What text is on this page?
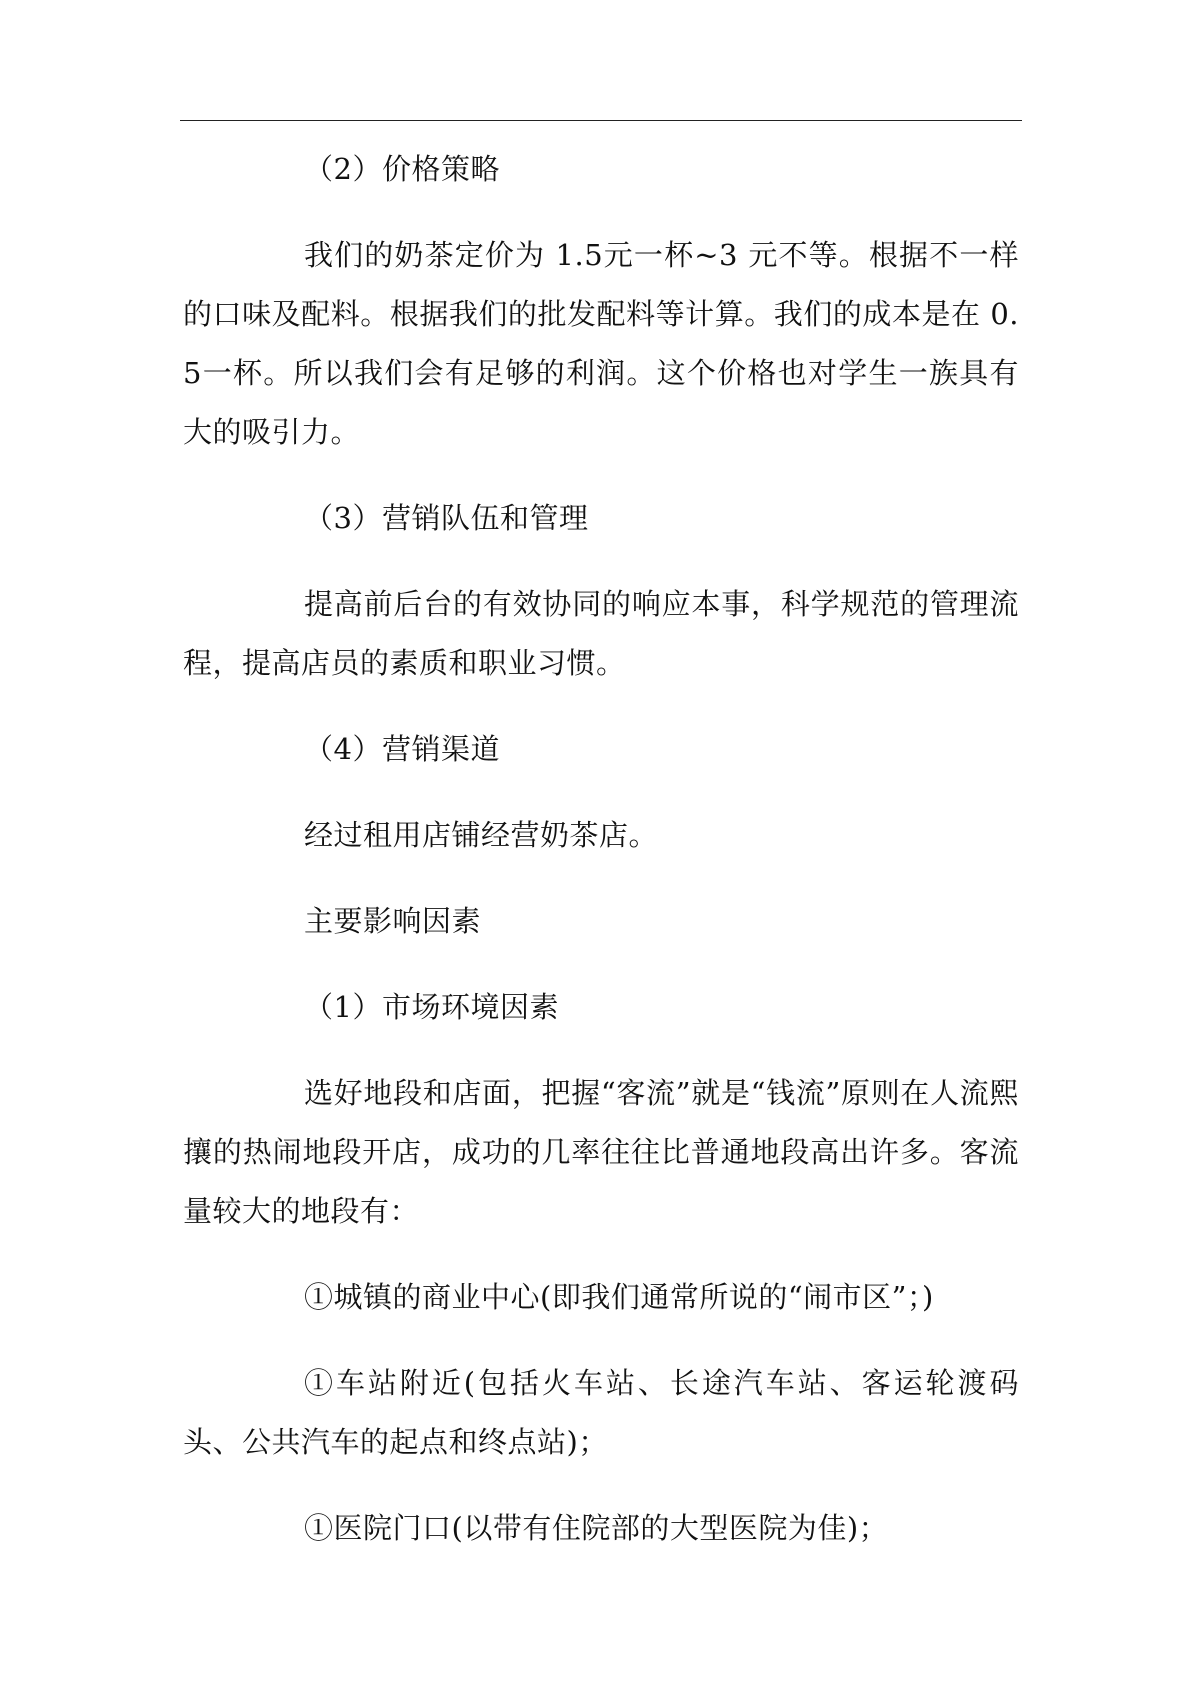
（2）价格策略

我们的奶茶定价为 1.5元一杯~3 元不等。根据不一样的口味及配料。根据我们的批发配料等计算。我们的成本是在 0.5一杯。所以我们会有足够的利润。这个价格也对学生一族具有大的吸引力。

（3）营销队伍和管理

提高前后台的有效协同的响应本事，科学规范的管理流程，提高店员的素质和职业习惯。

（4）营销渠道

经过租用店铺经营奶茶店。

主要影响因素

（1）市场环境因素

选好地段和店面，把握“客流”就是“钱流”原则在人流熙攘的热闹地段开店，成功的几率往往比普通地段高出许多。客流量较大的地段有：

①城镇的商业中心(即我们通常所说的“闹市区”；)

①车站附近(包括火车站、长途汽车站、客运轮渡码头、公共汽车的起点和终点站)；

①医院门口(以带有住院部的大型医院为佳)；
